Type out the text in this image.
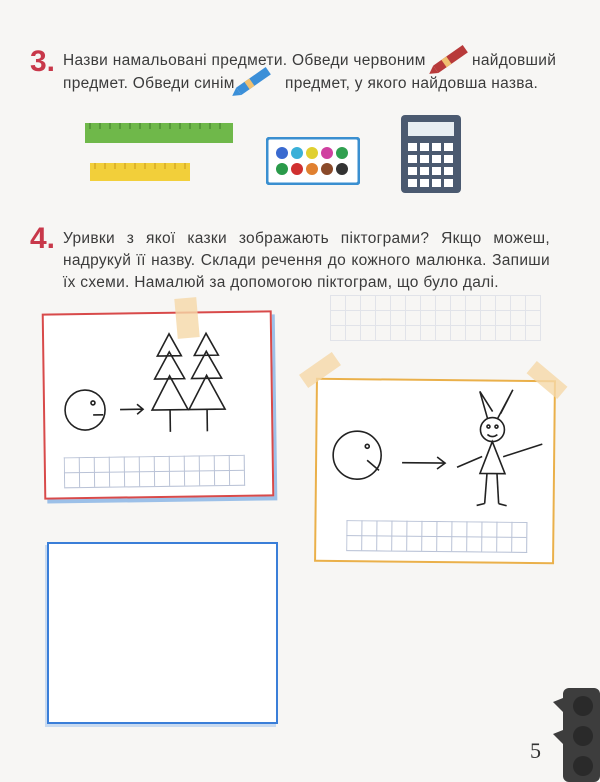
3. Назви намальовані предмети. Обведи червоним	найдовший
предмет. Обведи синім	предмет, у якого найдовша назва.
4. Уривки з якої казки зображають піктограми? Якщо можеш, надрукуй її назву. Склади речення до кожного малюнка. Запиши їх схеми. Намалюй за допомогою піктограм, що було далі.
5
